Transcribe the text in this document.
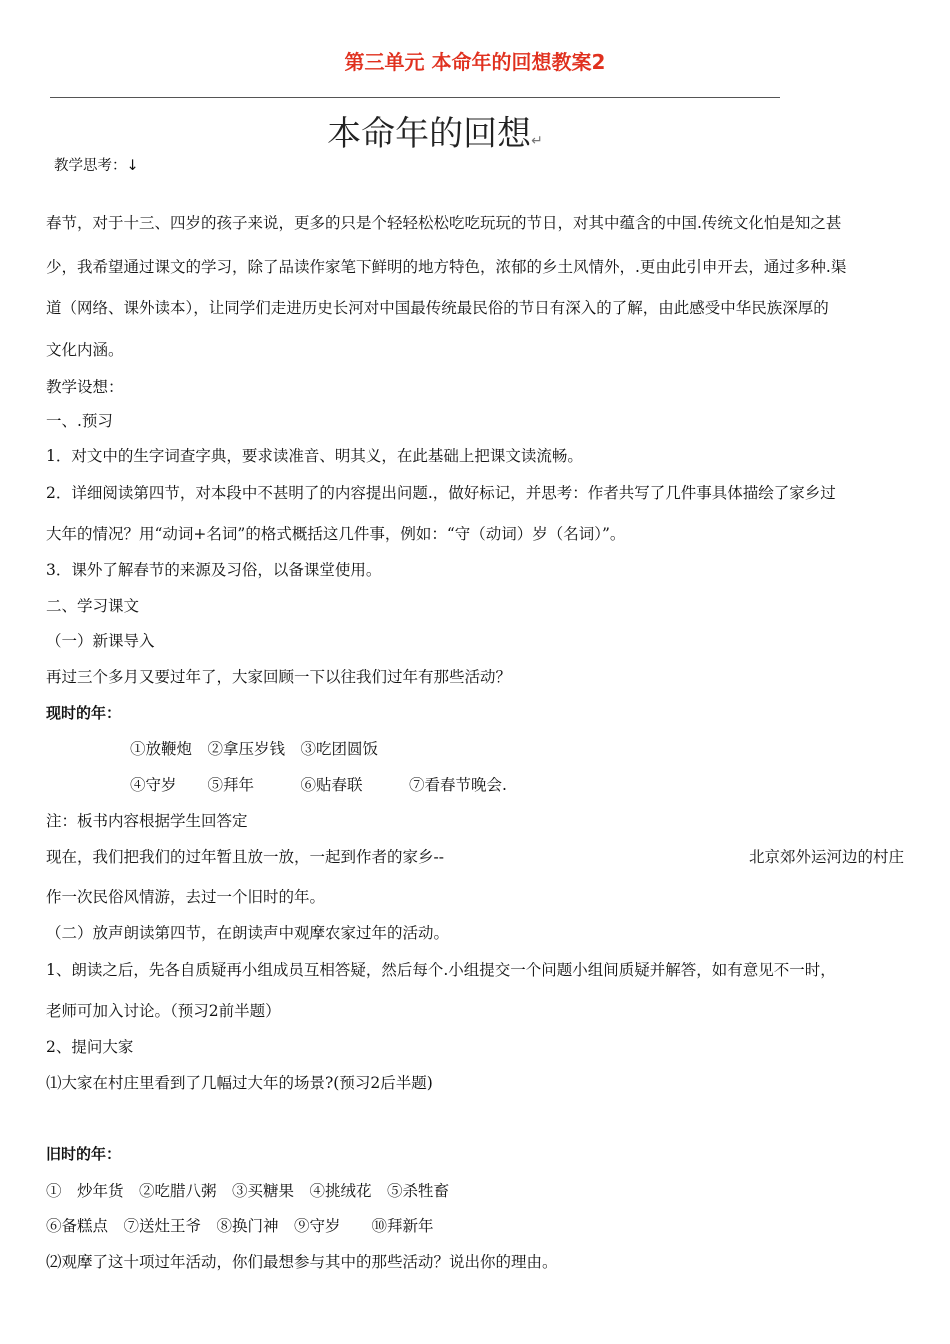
第三单元 本命年的回想教案2
本命年的回想↵
教学思考：↓
春节，对于十三、四岁的孩子来说，更多的只是个轻轻松松吃吃玩玩的节日，对其中蕴含的中国.传统文化怕是知之甚
少，我希望通过课文的学习，除了品读作家笔下鲜明的地方特色，浓郁的乡土风情外，.更由此引申开去，通过多种.渠
道（网络、课外读本），让同学们走进历史长河对中国最传统最民俗的节日有深入的了解，由此感受中华民族深厚的
文化内涵。
教学设想：
一、.预习
1．对文中的生字词查字典，要求读准音、明其义，在此基础上把课文读流畅。
2．详细阅读第四节，对本段中不甚明了的内容提出问题.，做好标记，并思考：作者共写了几件事具体描绘了家乡过
大年的情况？用“动词+名词”的格式概括这几件事，例如：“守（动词）岁（名词）”。
3．课外了解春节的来源及习俗，以备课堂使用。
二、学习课文
（一）新课导入
再过三个多月又要过年了，大家回顾一下以往我们过年有那些活动？
现时的年：
①放鞭炮　②拿压岁钱　③吃团圆饭
④守岁　　⑤拜年　　　⑥贴春联　　　⑦看春节晚会.
注：板书内容根据学生回答定
现在，我们把我们的过年暂且放一放，一起到作者的家乡--	北京郊外运河边的村庄
作一次民俗风情游，去过一个旧时的年。
（二）放声朗读第四节，在朗读声中观摩农家过年的活动。
1、朗读之后，先各自质疑再小组成员互相答疑，然后每个.小组提交一个问题小组间质疑并解答，如有意见不一时，
老师可加入讨论。（预习2前半题）
2、提问大家
⑴大家在村庄里看到了几幅过大年的场景?(预习2后半题)
旧时的年：
①　炒年货　②吃腊八粥　③买糖果　④挑绒花　⑤杀牲畜
⑥备糕点　⑦送灶王爷　⑧换门神　⑨守岁　　⑩拜新年
⑵观摩了这十项过年活动，你们最想参与其中的那些活动？说出你的理由。
